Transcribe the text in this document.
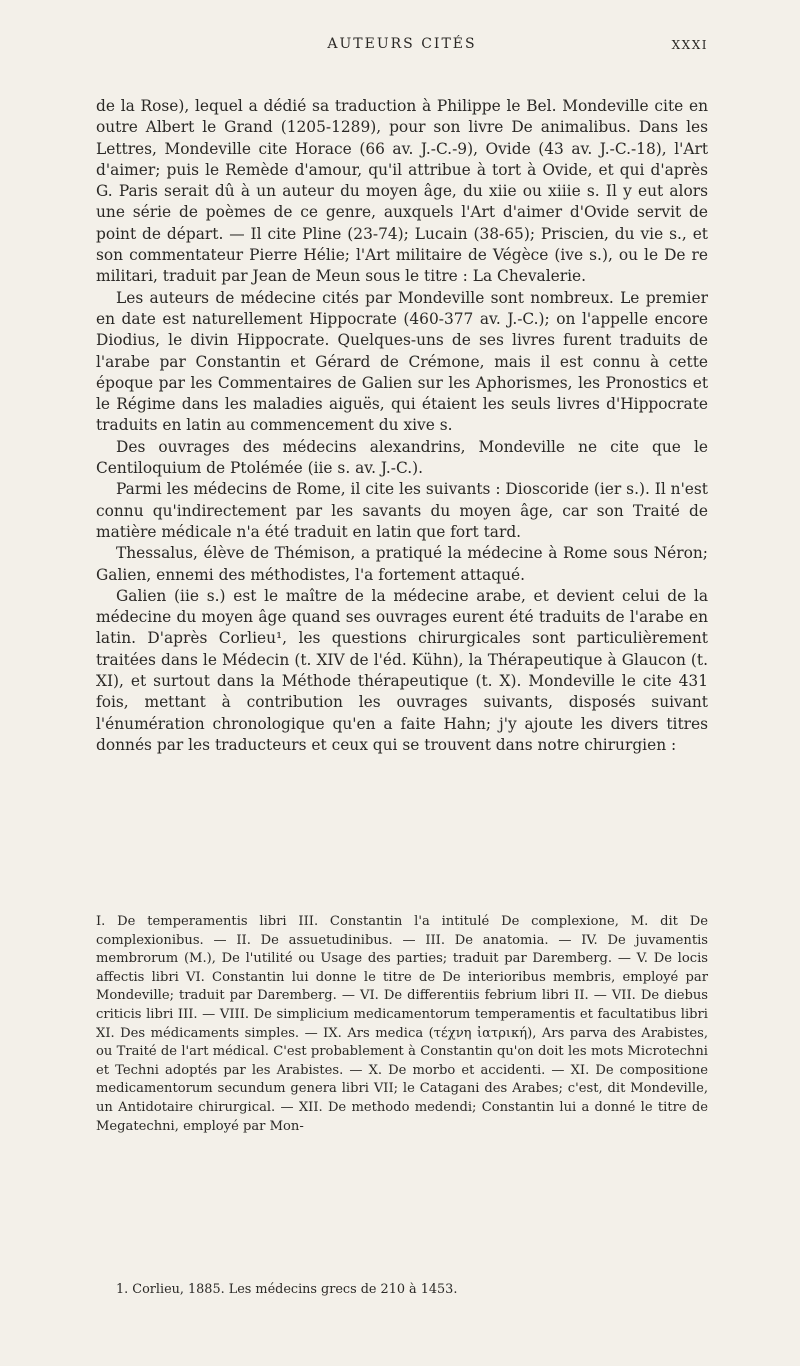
AUTEURS CITÉS	XXXI

de la Rose), lequel a dédié sa traduction à Philippe le Bel. Mondeville cite en outre Albert le Grand (1205-1289), pour son livre De animalibus. Dans les Lettres, Mondeville cite Horace (66 av. J.-C.-9), Ovide (43 av. J.-C.-18), l'Art d'aimer; puis le Remède d'amour, qu'il attribue à tort à Ovide, et qui d'après G. Paris serait dû à un auteur du moyen âge, du xiie ou xiiie s. Il y eut alors une série de poèmes de ce genre, auxquels l'Art d'aimer d'Ovide servit de point de départ. — Il cite Pline (23-74); Lucain (38-65); Priscien, du vie s., et son commentateur Pierre Hélie; l'Art militaire de Végèce (ive s.), ou le De re militari, traduit par Jean de Meun sous le titre : La Chevalerie.

Les auteurs de médecine cités par Mondeville sont nombreux. Le premier en date est naturellement Hippocrate (460-377 av. J.-C.); on l'appelle encore Diodius, le divin Hippocrate. Quelques-uns de ses livres furent traduits de l'arabe par Constantin et Gérard de Crémone, mais il est connu à cette époque par les Commentaires de Galien sur les Aphorismes, les Pronostics et le Régime dans les maladies aiguës, qui étaient les seuls livres d'Hippocrate traduits en latin au commencement du xive s.

Des ouvrages des médecins alexandrins, Mondeville ne cite que le Centiloquium de Ptolémée (iie s. av. J.-C.).

Parmi les médecins de Rome, il cite les suivants : Dioscoride (ier s.). Il n'est connu qu'indirectement par les savants du moyen âge, car son Traité de matière médicale n'a été traduit en latin que fort tard.

Thessalus, élève de Thémison, a pratiqué la médecine à Rome sous Néron; Galien, ennemi des méthodistes, l'a fortement attaqué.

Galien (iie s.) est le maître de la médecine arabe, et devient celui de la médecine du moyen âge quand ses ouvrages eurent été traduits de l'arabe en latin. D'après Corlieu¹, les questions chirurgicales sont particulièrement traitées dans le Médecin (t. XIV de l'éd. Kühn), la Thérapeutique à Glaucon (t. XI), et surtout dans la Méthode thérapeutique (t. X). Mondeville le cite 431 fois, mettant à contribution les ouvrages suivants, disposés suivant l'énumération chronologique qu'en a faite Hahn; j'y ajoute les divers titres donnés par les traducteurs et ceux qui se trouvent dans notre chirurgien :

I. De temperamentis libri III. Constantin l'a intitulé De complexione, M. dit De complexionibus. — II. De assuetudinibus. — III. De anatomia. — IV. De juvamentis membrorum (M.), De l'utilité ou Usage des parties; traduit par Daremberg. — V. De locis affectis libri VI. Constantin lui donne le titre de De interioribus membris, employé par Mondeville; traduit par Daremberg. — VI. De differentiis febrium libri II. — VII. De diebus criticis libri III. — VIII. De simplicium medicamentorum temperamentis et facultatibus libri XI. Des médicaments simples. — IX. Ars medica (τέχνη ἰατρική), Ars parva des Arabistes, ou Traité de l'art médical. C'est probablement à Constantin qu'on doit les mots Microtechni et Techni adoptés par les Arabistes. — X. De morbo et accidenti. — XI. De compositione medicamentorum secundum genera libri VII; le Catagani des Arabes; c'est, dit Mondeville, un Antidotaire chirurgical. — XII. De methodo medendi; Constantin lui a donné le titre de Megatechni, employé par Mon-
1. Corlieu, 1885. Les médecins grecs de 210 à 1453.
